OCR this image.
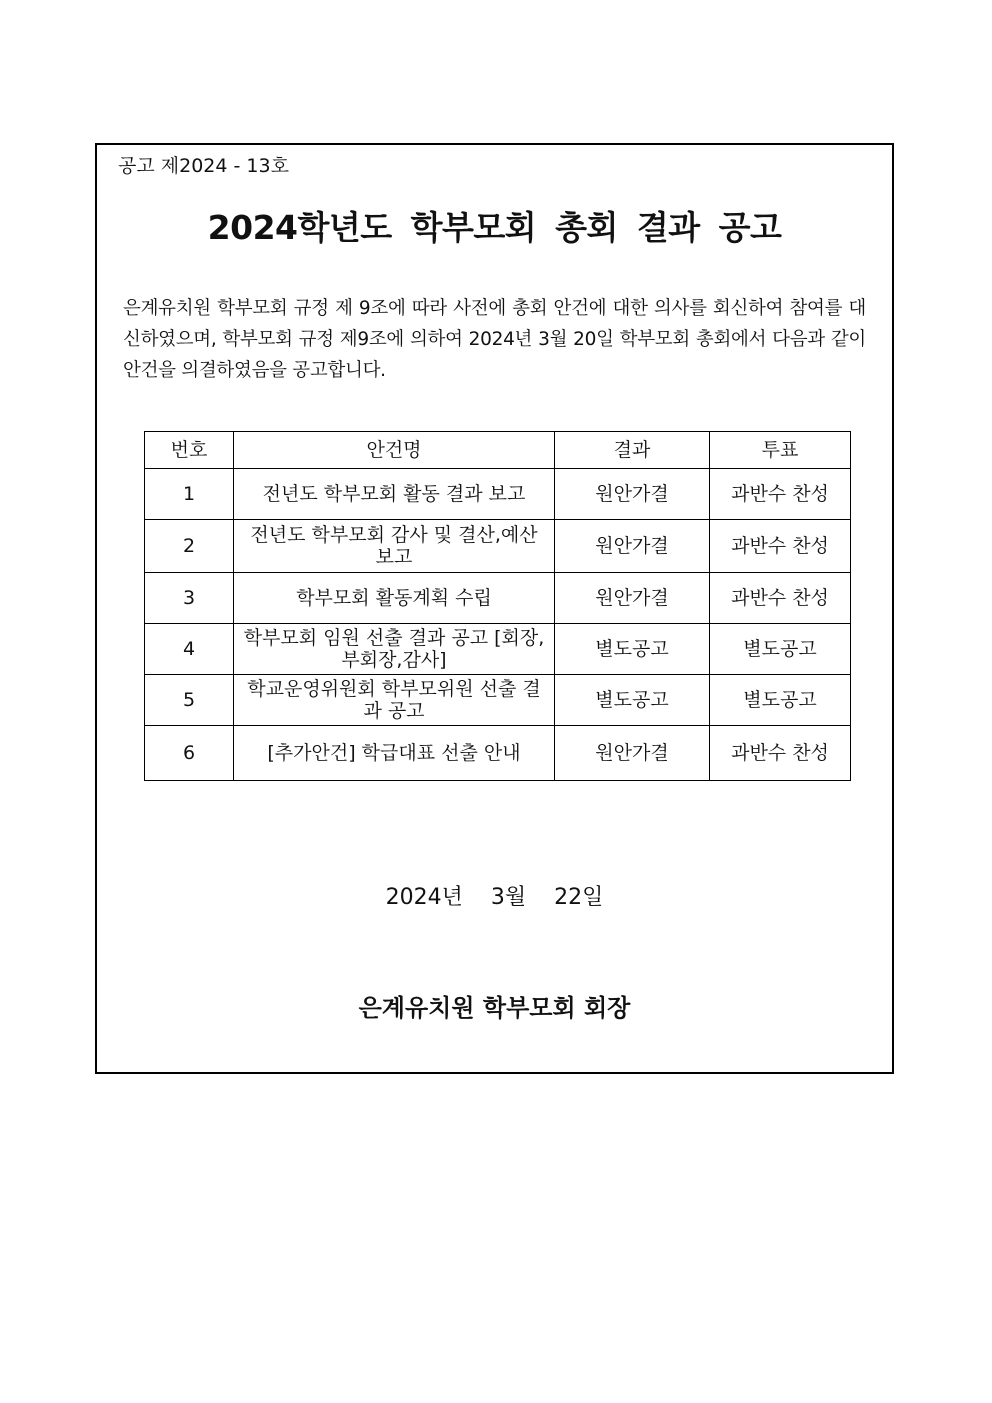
공고 제2024 - 13호
2024학년도 학부모회 총회 결과 공고
은계유치원 학부모회 규정 제 9조에 따라 사전에 총회 안건에 대한 의사를 회신하여 참여를 대신하였으며, 학부모회 규정 제9조에 의하여 2024년 3월 20일 학부모회 총회에서 다음과 같이 안건을 의결하였음을 공고합니다.
번호	안건명	결과	투표
1	전년도 학부모회 활동 결과 보고	원안가결	과반수 찬성
2	전년도 학부모회 감사 및 결산,예산 보고	원안가결	과반수 찬성
3	학부모회 활동계획 수립	원안가결	과반수 찬성
4	학부모회 임원 선출 결과 공고 [회장,부회장,감사]	별도공고	별도공고
5	학교운영위원회 학부모위원 선출 결과 공고	별도공고	별도공고
6	[추가안건] 학급대표 선출 안내	원안가결	과반수 찬성
2024년    3월    22일
은계유치원 학부모회 회장
